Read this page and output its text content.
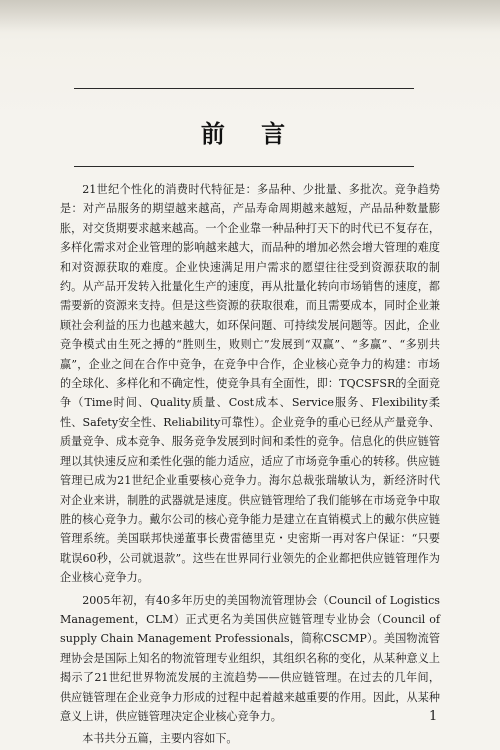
前 言

21世纪个性化的消费时代特征是：多品种、少批量、多批次。竞争趋势是：对产品服务的期望越来越高，产品寿命周期越来越短，产品品种数量膨胀，对交货期要求越来越高。一个企业靠一种品种打天下的时代已不复存在，多样化需求对企业管理的影响越来越大，而品种的增加必然会增大管理的难度和对资源获取的难度。企业快速满足用户需求的愿望往往受到资源获取的制约。从产品开发转入批量化生产的速度，再从批量化转向市场销售的速度，都需要新的资源来支持。但是这些资源的获取很难，而且需要成本，同时企业兼顾社会利益的压力也越来越大，如环保问题、可持续发展问题等。因此，企业竞争模式由生死之搏的“胜则生，败则亡”发展到“双赢”、“多赢”、“多别共赢”，企业之间在合作中竞争，在竞争中合作，企业核心竞争力的构建：市场的全球化、多样化和不确定性，使竞争具有全面性，即：TQCSFSR的全面竞争（Time时间、Quality质量、Cost成本、Service服务、Flexibility柔性、Safety安全性、Reliability可靠性）。企业竞争的重心已经从产量竞争、质量竞争、成本竞争、服务竞争发展到时间和柔性的竞争。信息化的供应链管理以其快速反应和柔性化强的能力适应，适应了市场竞争重心的转移。供应链管理已成为21世纪企业重要核心竞争力。海尔总裁张瑞敏认为，新经济时代对企业来讲，制胜的武器就是速度。供应链管理给了我们能够在市场竞争中取胜的核心竞争力。戴尔公司的核心竞争能力是建立在直销模式上的戴尔供应链管理系统。美国联邦快递董事长费雷德里克・史密斯一再对客户保证：“只要耽误60秒，公司就退款”。这些在世界同行业领先的企业都把供应链管理作为企业核心竞争力。

2005年初，有40多年历史的美国物流管理协会（Council of Logistics Management，CLM）正式更名为美国供应链管理专业协会（Council of supply Chain Management Professionals，简称CSCMP）。美国物流管理协会是国际上知名的物流管理专业组织，其组织名称的变化，从某种意义上揭示了21世纪世界物流发展的主流趋势——供应链管理。在过去的几年间，供应链管理在企业竞争力形成的过程中起着越来越重要的作用。因此，从某种意义上讲，供应链管理决定企业核心竞争力。

本书共分五篇，主要内容如下。

1
